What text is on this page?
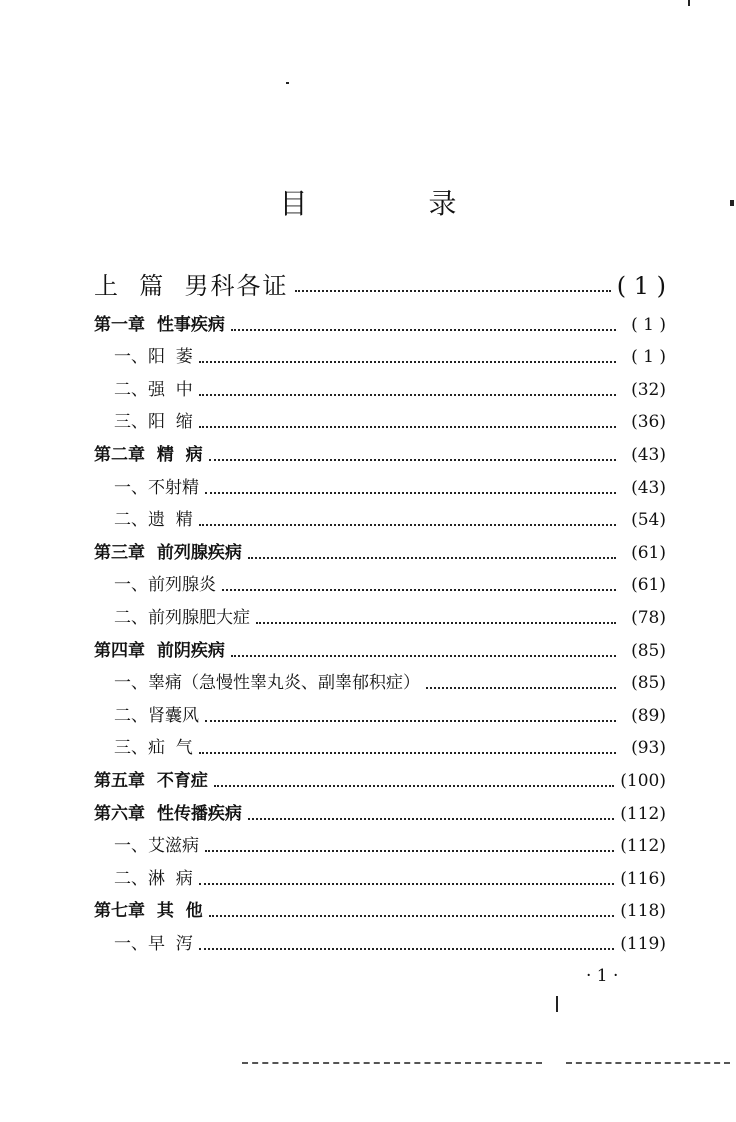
目 录
上  篇  男科各证	( 1 )
第一章  性事疾病	( 1 )
一、阳  萎	( 1 )
二、强  中	(32)
三、阳  缩	(36)
第二章  精  病	(43)
一、不射精	(43)
二、遗  精	(54)
第三章  前列腺疾病	(61)
一、前列腺炎	(61)
二、前列腺肥大症	(78)
第四章  前阴疾病	(85)
一、睾痛（急慢性睾丸炎、副睾郁积症）	(85)
二、肾囊风	(89)
三、疝  气	(93)
第五章  不育症	(100)
第六章  性传播疾病	(112)
一、艾滋病	(112)
二、淋  病	(116)
第七章  其  他	(118)
一、早  泻	(119)
· 1 ·
